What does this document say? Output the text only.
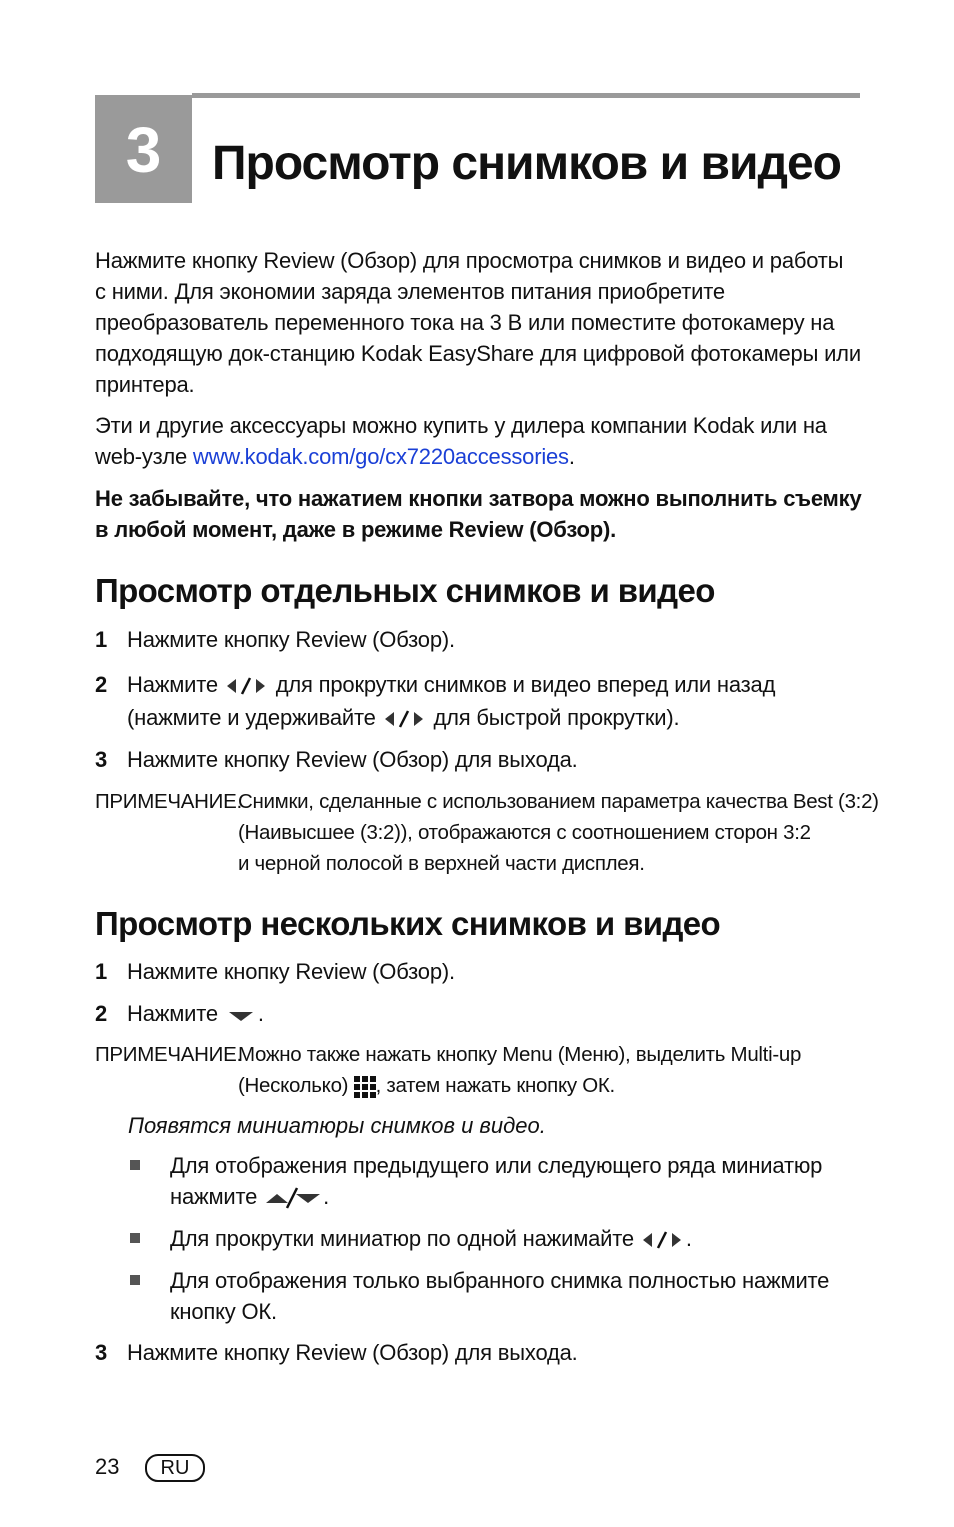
3	Просмотр снимков и видео
Нажмите кнопку Review (Обзор) для просмотра снимков и видео и работы
с ними. Для экономии заряда элементов питания приобретите
преобразователь переменного тока на 3 В или поместите фотокамеру на
подходящую док-станцию Kodak EasyShare для цифровой фотокамеры или
принтера.
Эти и другие аксессуары можно купить у дилера компании Kodak или на
web-узле www.kodak.com/go/cx7220accessories.
Не забывайте, что нажатием кнопки затвора можно выполнить съемку
в любой момент, даже в режиме Review (Обзор).
Просмотр отдельных снимков и видео
1 Нажмите кнопку Review (Обзор).
2 Нажмите	для прокрутки снимков и видео вперед или назад
(нажмите и удерживайте	для быстрой прокрутки).
3 Нажмите кнопку Review (Обзор) для выхода.
ПРИМЕЧАНИЕ.
Снимки, сделанные с использованием параметра качества Best (3:2)
(Наивысшее (3:2)), отображаются с соотношением сторон 3:2
и черной полосой в верхней части дисплея.
Просмотр нескольких снимков и видео
1 Нажмите кнопку Review (Обзор).
2 Нажмите .
ПРИМЕЧАНИЕ.
Можно также нажать кнопку Menu (Меню), выделить Multi-up
(Несколько) , затем нажать кнопку ОК.
Появятся миниатюры снимков и видео.
Для отображения предыдущего или следующего ряда миниатюр
нажмите	.
Для прокрутки миниатюр по одной нажимайте .
Для отображения только выбранного снимка полностью нажмите
кнопку ОК.
3 Нажмите кнопку Review (Обзор) для выхода.
23	RU
